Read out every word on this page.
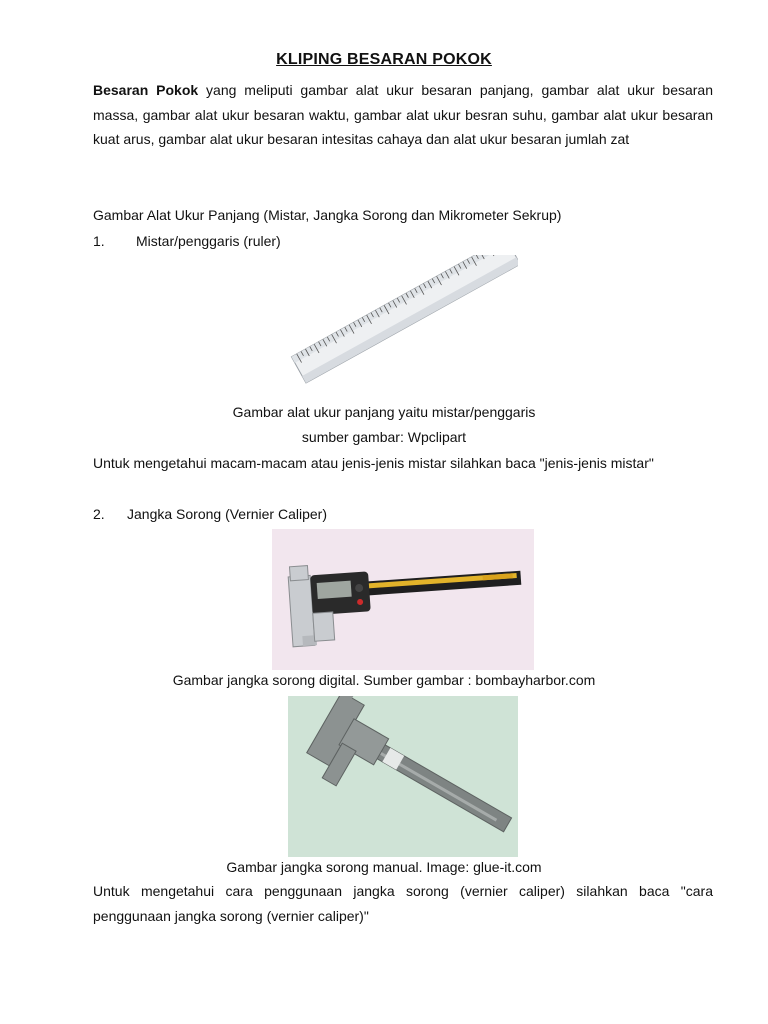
KLIPING BESARAN POKOK
Besaran Pokok yang meliputi gambar alat ukur besaran panjang, gambar alat ukur besaran massa, gambar alat ukur besaran waktu, gambar alat ukur besran suhu, gambar alat ukur besaran kuat arus, gambar alat ukur besaran intesitas cahaya dan alat ukur besaran jumlah zat
Gambar Alat Ukur Panjang (Mistar, Jangka Sorong dan Mikrometer Sekrup)
1. Mistar/penggaris (ruler)
Gambar alat ukur panjang yaitu mistar/penggaris
sumber gambar: Wpclipart
Untuk mengetahui macam-macam atau jenis-jenis mistar silahkan baca "jenis-jenis mistar"
2. Jangka Sorong (Vernier Caliper)
Gambar jangka sorong digital. Sumber gambar : bombayharbor.com
Gambar jangka sorong manual. Image: glue-it.com
Untuk mengetahui cara penggunaan jangka sorong (vernier caliper) silahkan baca "cara penggunaan jangka sorong (vernier caliper)"
